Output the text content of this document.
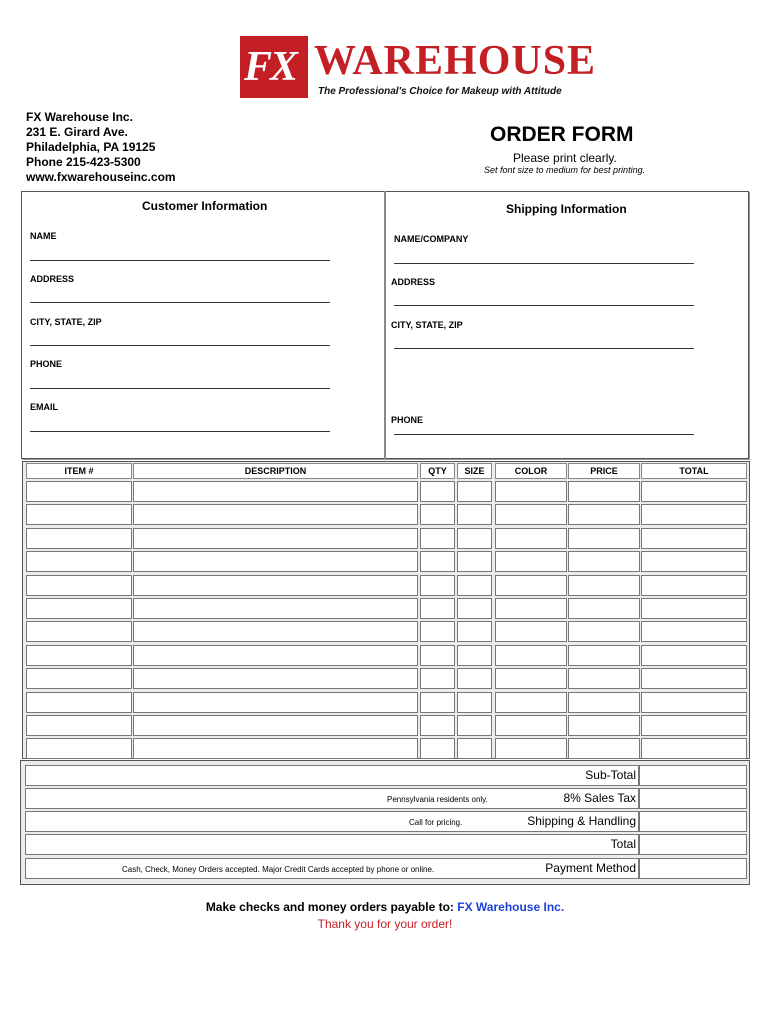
FX WAREHOUSE
The Professional's Choice for Makeup with Attitude
FX Warehouse Inc.
231 E. Girard Ave.
Philadelphia, PA 19125
Phone 215-423-5300
www.fxwarehouseinc.com
ORDER FORM
Please print clearly.
Set font size to medium for best printing.
Customer Information
NAME
ADDRESS
CITY, STATE, ZIP
PHONE
EMAIL
Shipping Information
NAME/COMPANY
ADDRESS
CITY, STATE, ZIP
PHONE
ITEM #	DESCRIPTION	QTY	SIZE	COLOR	PRICE	TOTAL
Sub-Total
Pennsylvania residents only.	8% Sales Tax
Call for pricing.	Shipping & Handling
Total
Cash, Check, Money Orders accepted. Major Credit Cards accepted by phone or online.	Payment Method
Make checks and money orders payable to: FX Warehouse Inc.
Thank you for your order!
